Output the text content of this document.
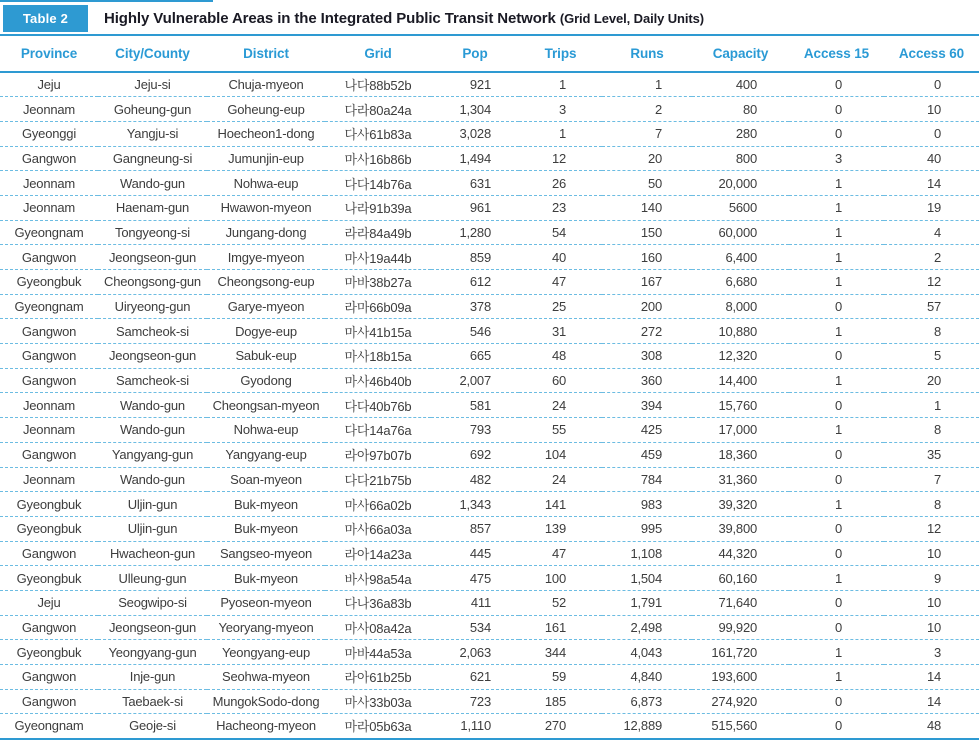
Table 2	Highly Vulnerable Areas in the Integrated Public Transit Network (Grid Level, Daily Units)
Province	City/County	District	Grid	Pop	Trips	Runs	Capacity	Access 15	Access 60
Jeju	Jeju-si	Chuja-myeon	나다88b52b	921	1	1	400	0	0
Jeonnam	Goheung-gun	Goheung-eup	다라80a24a	1,304	3	2	80	0	10
Gyeonggi	Yangju-si	Hoecheon1-dong	다사61b83a	3,028	1	7	280	0	0
Gangwon	Gangneung-si	Jumunjin-eup	마사16b86b	1,494	12	20	800	3	40
Jeonnam	Wando-gun	Nohwa-eup	다다14b76a	631	26	50	20,000	1	14
Jeonnam	Haenam-gun	Hwawon-myeon	나라91b39a	961	23	140	5600	1	19
Gyeongnam	Tongyeong-si	Jungang-dong	라라84a49b	1,280	54	150	60,000	1	4
Gangwon	Jeongseon-gun	Imgye-myeon	마사19a44b	859	40	160	6,400	1	2
Gyeongbuk	Cheongsong-gun	Cheongsong-eup	마바38b27a	612	47	167	6,680	1	12
Gyeongnam	Uiryeong-gun	Garye-myeon	라마66b09a	378	25	200	8,000	0	57
Gangwon	Samcheok-si	Dogye-eup	마사41b15a	546	31	272	10,880	1	8
Gangwon	Jeongseon-gun	Sabuk-eup	마사18b15a	665	48	308	12,320	0	5
Gangwon	Samcheok-si	Gyodong	마사46b40b	2,007	60	360	14,400	1	20
Jeonnam	Wando-gun	Cheongsan-myeon	다다40b76b	581	24	394	15,760	0	1
Jeonnam	Wando-gun	Nohwa-eup	다다14a76a	793	55	425	17,000	1	8
Gangwon	Yangyang-gun	Yangyang-eup	라아97b07b	692	104	459	18,360	0	35
Jeonnam	Wando-gun	Soan-myeon	다다21b75b	482	24	784	31,360	0	7
Gyeongbuk	Uljin-gun	Buk-myeon	마사66a02b	1,343	141	983	39,320	1	8
Gyeongbuk	Uljin-gun	Buk-myeon	마사66a03a	857	139	995	39,800	0	12
Gangwon	Hwacheon-gun	Sangseo-myeon	라아14a23a	445	47	1,108	44,320	0	10
Gyeongbuk	Ulleung-gun	Buk-myeon	바사98a54a	475	100	1,504	60,160	1	9
Jeju	Seogwipo-si	Pyoseon-myeon	다나36a83b	411	52	1,791	71,640	0	10
Gangwon	Jeongseon-gun	Yeoryang-myeon	마사08a42a	534	161	2,498	99,920	0	10
Gyeongbuk	Yeongyang-gun	Yeongyang-eup	마바44a53a	2,063	344	4,043	161,720	1	3
Gangwon	Inje-gun	Seohwa-myeon	라아61b25b	621	59	4,840	193,600	1	14
Gangwon	Taebaek-si	MungokSodo-dong	마사33b03a	723	185	6,873	274,920	0	14
Gyeongnam	Geoje-si	Hacheong-myeon	마라05b63a	1,110	270	12,889	515,560	0	48
